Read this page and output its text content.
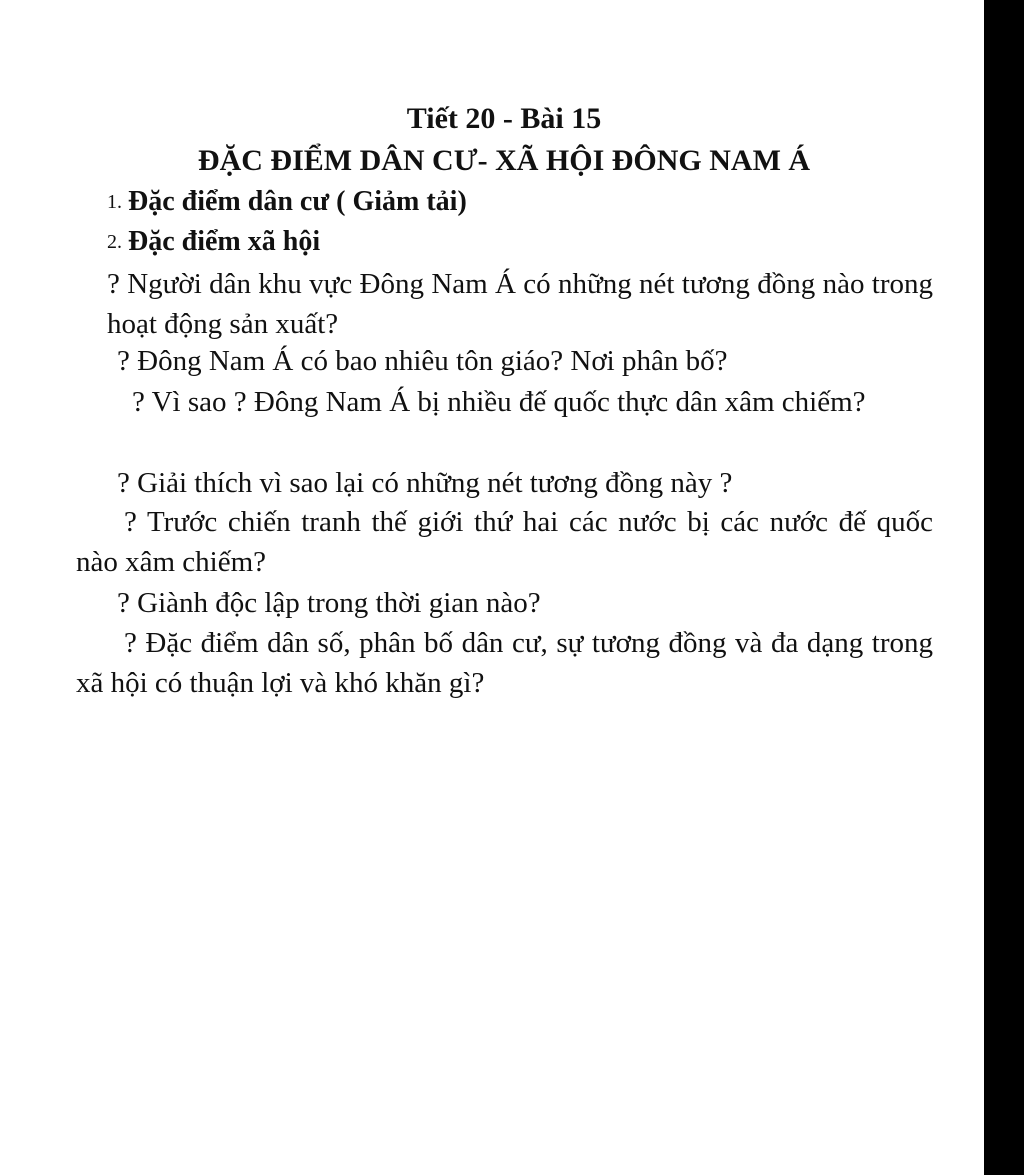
Tiết 20 - Bài 15
ĐẶC ĐIỂM DÂN CƯ- XÃ HỘI ĐÔNG NAM Á
1. Đặc điểm dân cư ( Giảm tải)
2. Đặc điểm xã hội
? Người dân khu vực Đông Nam Á có những nét tương đồng nào trong hoạt động sản xuất?
? Đông Nam Á có bao nhiêu tôn giáo? Nơi phân bố?
? Vì sao ? Đông Nam Á bị nhiều đế quốc thực dân xâm chiếm?
? Giải thích vì sao lại có những nét tương đồng này ?
? Trước chiến tranh thế giới thứ hai các nước bị các nước đế quốc nào xâm chiếm?
? Giành độc lập trong thời gian nào?
? Đặc điểm dân số, phân bố dân cư, sự tương đồng và đa dạng trong xã hội có thuận lợi và khó khăn gì?
